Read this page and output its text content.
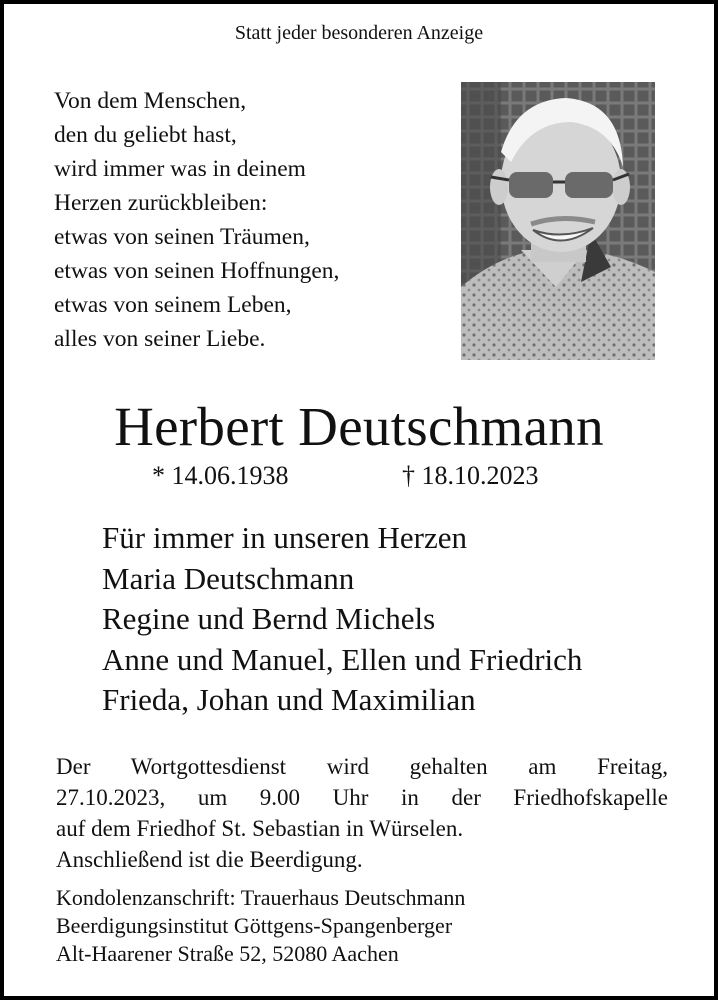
Statt jeder besonderen Anzeige
Von dem Menschen,
den du geliebt hast,
wird immer was in deinem
Herzen zurückbleiben:
etwas von seinen Träumen,
etwas von seinen Hoffnungen,
etwas von seinem Leben,
alles von seiner Liebe.
Herbert Deutschmann
* 14.06.1938	† 18.10.2023
Für immer in unseren Herzen
Maria Deutschmann
Regine und Bernd Michels
Anne und Manuel, Ellen und Friedrich
Frieda, Johan und Maximilian
Der Wortgottesdienst wird gehalten am Freitag,
27.10.2023, um 9.00 Uhr in der Friedhofskapelle
auf dem Friedhof St. Sebastian in Würselen.
Anschließend ist die Beerdigung.
Kondolenzanschrift: Trauerhaus Deutschmann
Beerdigungsinstitut Göttgens-Spangenberger
Alt-Haarener Straße 52, 52080 Aachen
